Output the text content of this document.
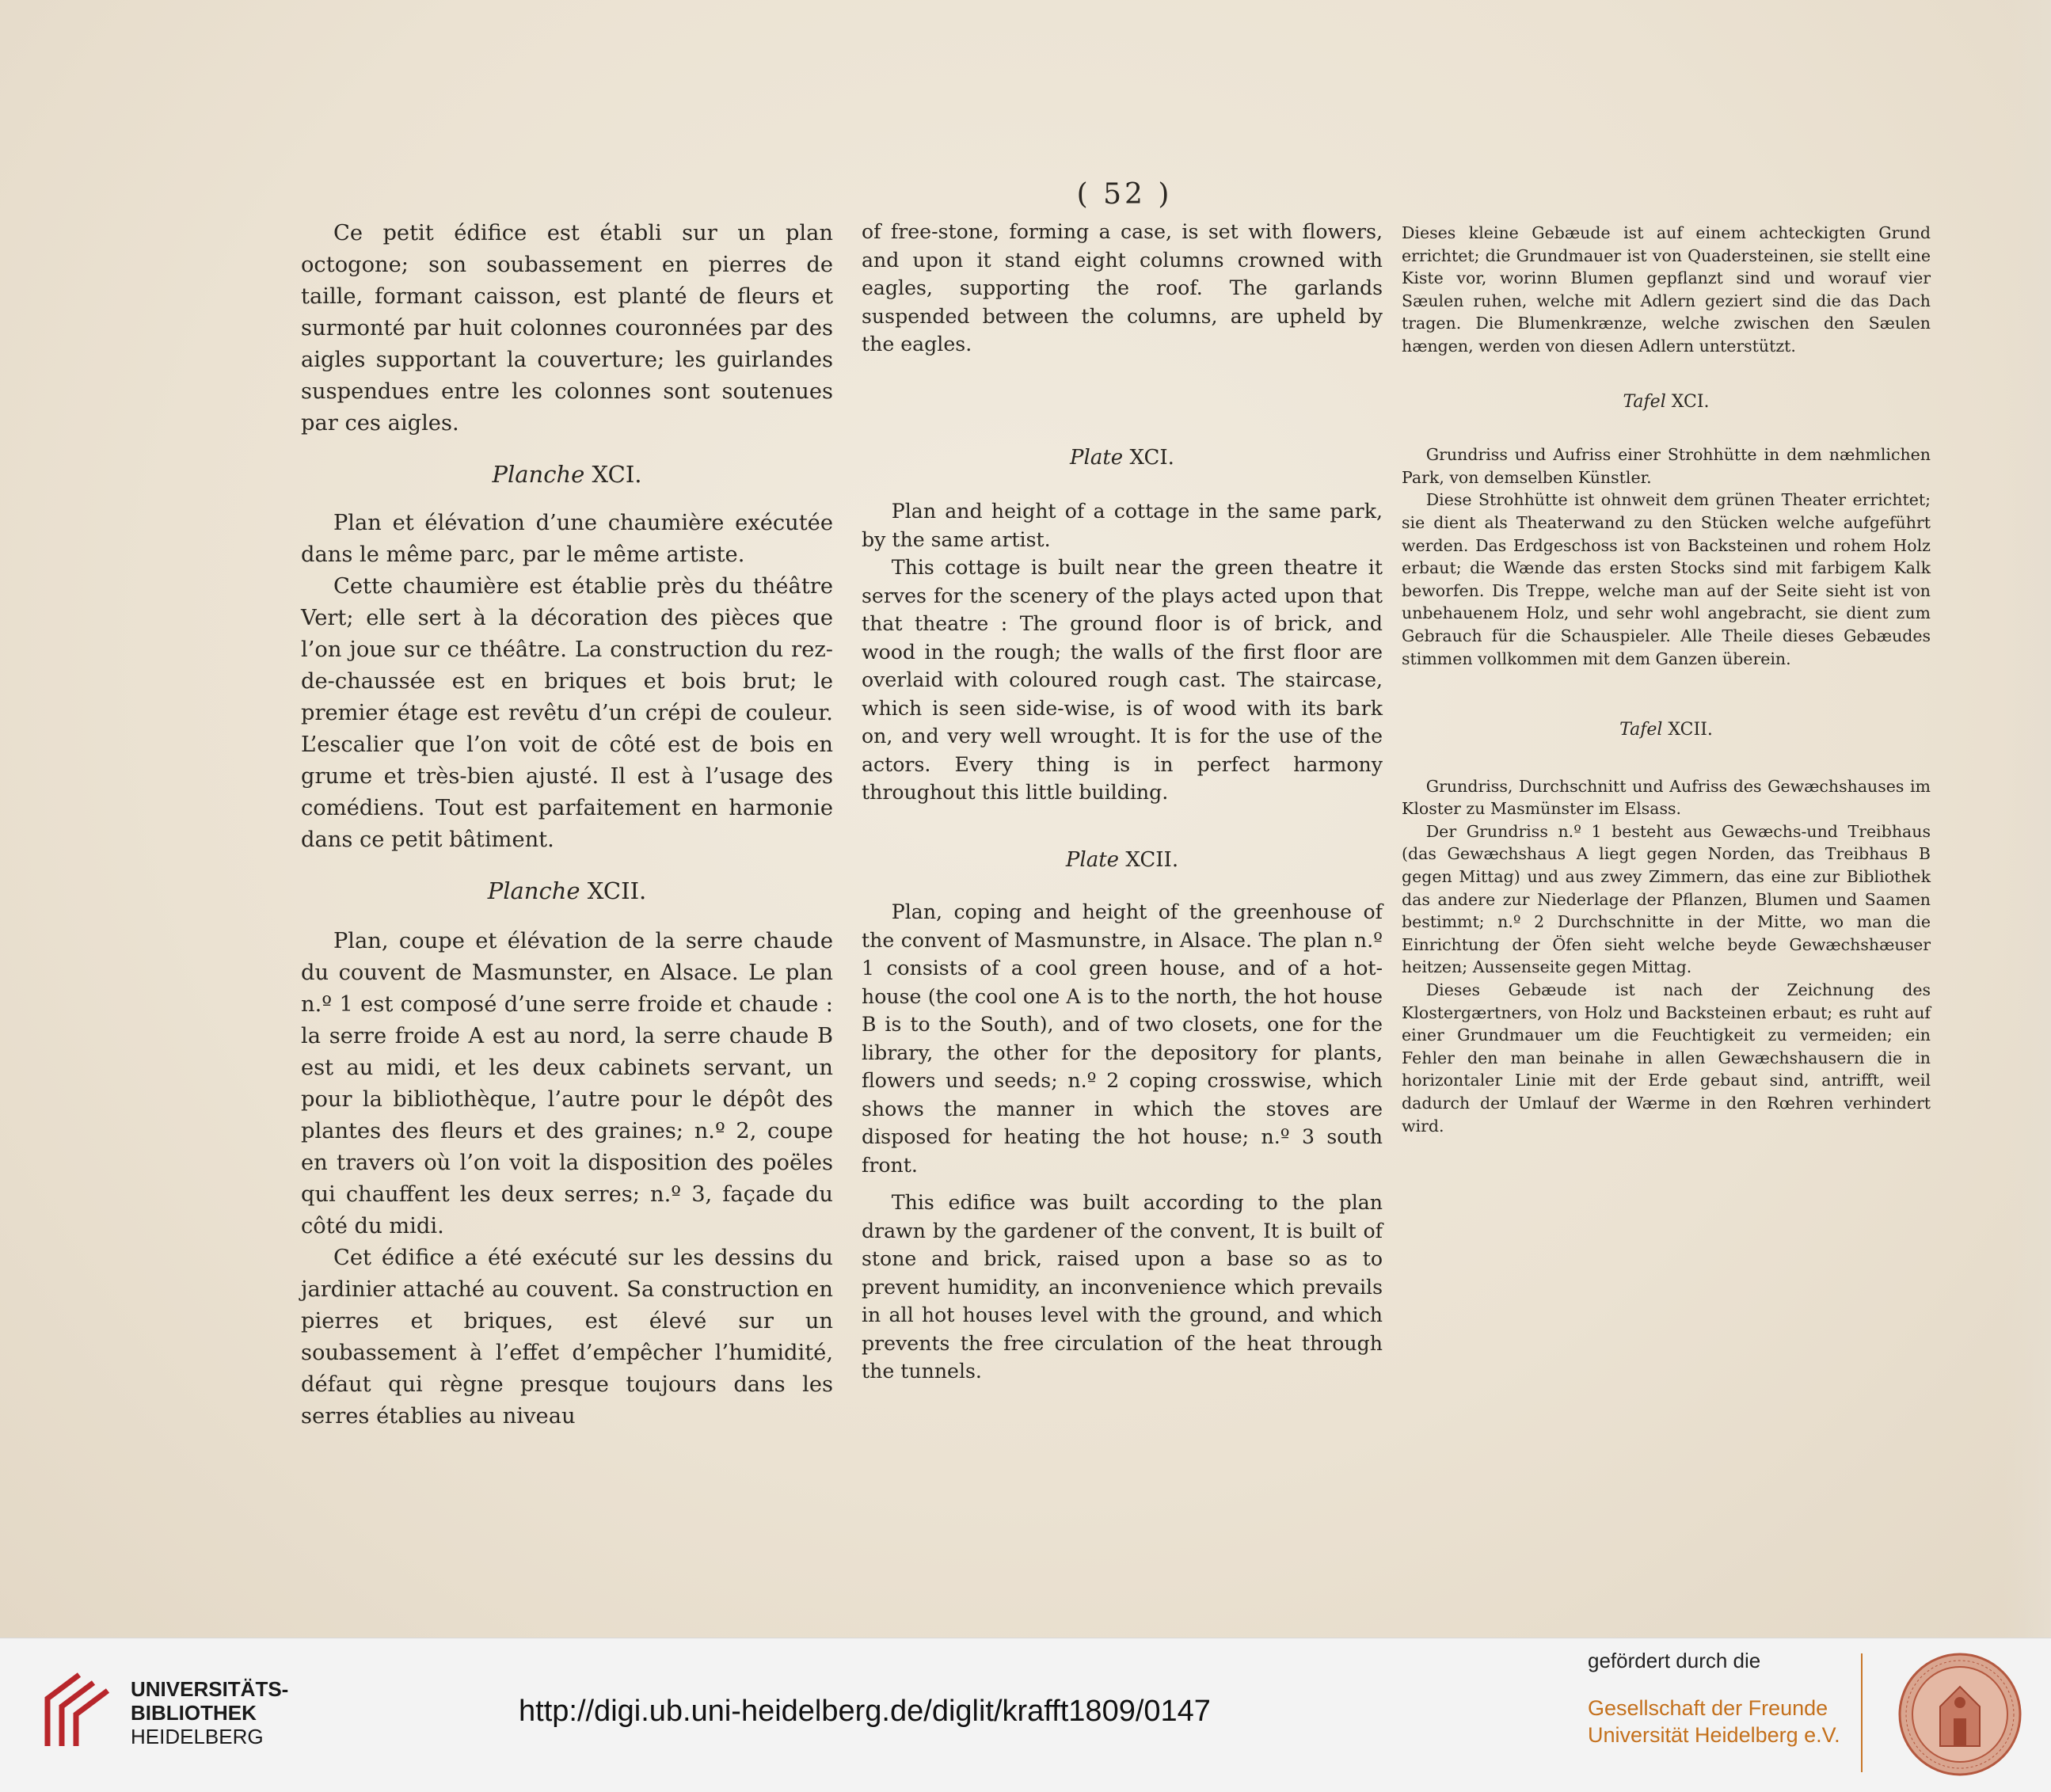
( 52 )

Ce petit édifice est établi sur un plan octogone; son soubassement en pierres de taille, formant caisson, est planté de fleurs et surmonté par huit colonnes couronnées par des aigles supportant la couverture; les guirlandes suspendues entre les colonnes sont soutenues par ces aigles.

Planche XCI.

Plan et élévation d’une chaumière exécutée dans le même parc, par le même artiste.

Cette chaumière est établie près du théâtre Vert; elle sert à la décoration des pièces que l’on joue sur ce théâtre. La construction du rez-de-chaussée est en briques et bois brut; le premier étage est revêtu d’un crépi de couleur. L’escalier que l’on voit de côté est de bois en grume et très-bien ajusté. Il est à l’usage des comédiens. Tout est parfaitement en harmonie dans ce petit bâtiment.

Planche XCII.

Plan, coupe et élévation de la serre chaude du couvent de Masmunster, en Alsace. Le plan n.º 1 est composé d’une serre froide et chaude : la serre froide A est au nord, la serre chaude B est au midi, et les deux cabinets servant, un pour la bibliothèque, l’autre pour le dépôt des plantes des fleurs et des graines; n.º 2, coupe en travers où l’on voit la disposition des poëles qui chauffent les deux serres; n.º 3, façade du côté du midi.

Cet édifice a été exécuté sur les dessins du jardinier attaché au couvent. Sa construction en pierres et briques, est élevé sur un soubassement à l’effet d’empêcher l’humidité, défaut qui règne presque toujours dans les serres établies au niveau

of free-stone, forming a case, is set with flowers, and upon it stand eight columns crowned with eagles, supporting the roof. The garlands suspended between the columns, are upheld by the eagles.

Plate XCI.

Plan and height of a cottage in the same park, by the same artist.

This cottage is built near the green theatre it serves for the scenery of the plays acted upon that that theatre : The ground floor is of brick, and wood in the rough; the walls of the first floor are overlaid with coloured rough cast. The staircase, which is seen side-wise, is of wood with its bark on, and very well wrought. It is for the use of the actors. Every thing is in perfect harmony throughout this little building.

Plate XCII.

Plan, coping and height of the greenhouse of the convent of Masmunstre, in Alsace. The plan n.º 1 consists of a cool green house, and of a hot-house (the cool one A is to the north, the hot house B is to the South), and of two closets, one for the library, the other for the depository for plants, flowers und seeds; n.º 2 coping crosswise, which shows the manner in which the stoves are disposed for heating the hot house; n.º 3 south front.

This edifice was built according to the plan drawn by the gardener of the convent, It is built of stone and brick, raised upon a base so as to prevent humidity, an inconvenience which prevails in all hot houses level with the ground, and which prevents the free circulation of the heat through the tunnels.

Dieses kleine Gebæude ist auf einem achteckigten Grund errichtet; die Grundmauer ist von Quadersteinen, sie stellt eine Kiste vor, worinn Blumen gepflanzt sind und worauf vier Sæulen ruhen, welche mit Adlern geziert sind die das Dach tragen. Die Blumenkrænze, welche zwischen den Sæulen hængen, werden von diesen Adlern unterstützt.

Tafel XCI.

Grundriss und Aufriss einer Strohhütte in dem næhmlichen Park, von demselben Künstler.

Diese Strohhütte ist ohnweit dem grünen Theater errichtet; sie dient als Theaterwand zu den Stücken welche aufgeführt werden. Das Erdgeschoss ist von Backsteinen und rohem Holz erbaut; die Wænde das ersten Stocks sind mit farbigem Kalk beworfen. Dis Treppe, welche man auf der Seite sieht ist von unbehauenem Holz, und sehr wohl angebracht, sie dient zum Gebrauch für die Schauspieler. Alle Theile dieses Gebæudes stimmen vollkommen mit dem Ganzen überein.

Tafel XCII.

Grundriss, Durchschnitt und Aufriss des Gewæchshauses im Kloster zu Masmünster im Elsass.

Der Grundriss n.º 1 besteht aus Gewæchs-und Treibhaus (das Gewæchshaus A liegt gegen Norden, das Treibhaus B gegen Mittag) und aus zwey Zimmern, das eine zur Bibliothek das andere zur Niederlage der Pflanzen, Blumen und Saamen bestimmt; n.º 2 Durchschnitte in der Mitte, wo man die Einrichtung der Öfen sieht welche beyde Gewæchshæuser heitzen; Aussenseite gegen Mittag.

Dieses Gebæude ist nach der Zeichnung des Klostergærtners, von Holz und Backsteinen erbaut; es ruht auf einer Grundmauer um die Feuchtigkeit zu vermeiden; ein Fehler den man beinahe in allen Gewæchshausern die in horizontaler Linie mit der Erde gebaut sind, antrifft, weil dadurch der Umlauf der Wærme in den Rœhren verhindert wird.

UNIVERSITÄTS-
BIBLIOTHEK
HEIDELBERG
http://digi.ub.uni-heidelberg.de/diglit/krafft1809/0147
gefördert durch die
Gesellschaft der Freunde
Universität Heidelberg e.V.
